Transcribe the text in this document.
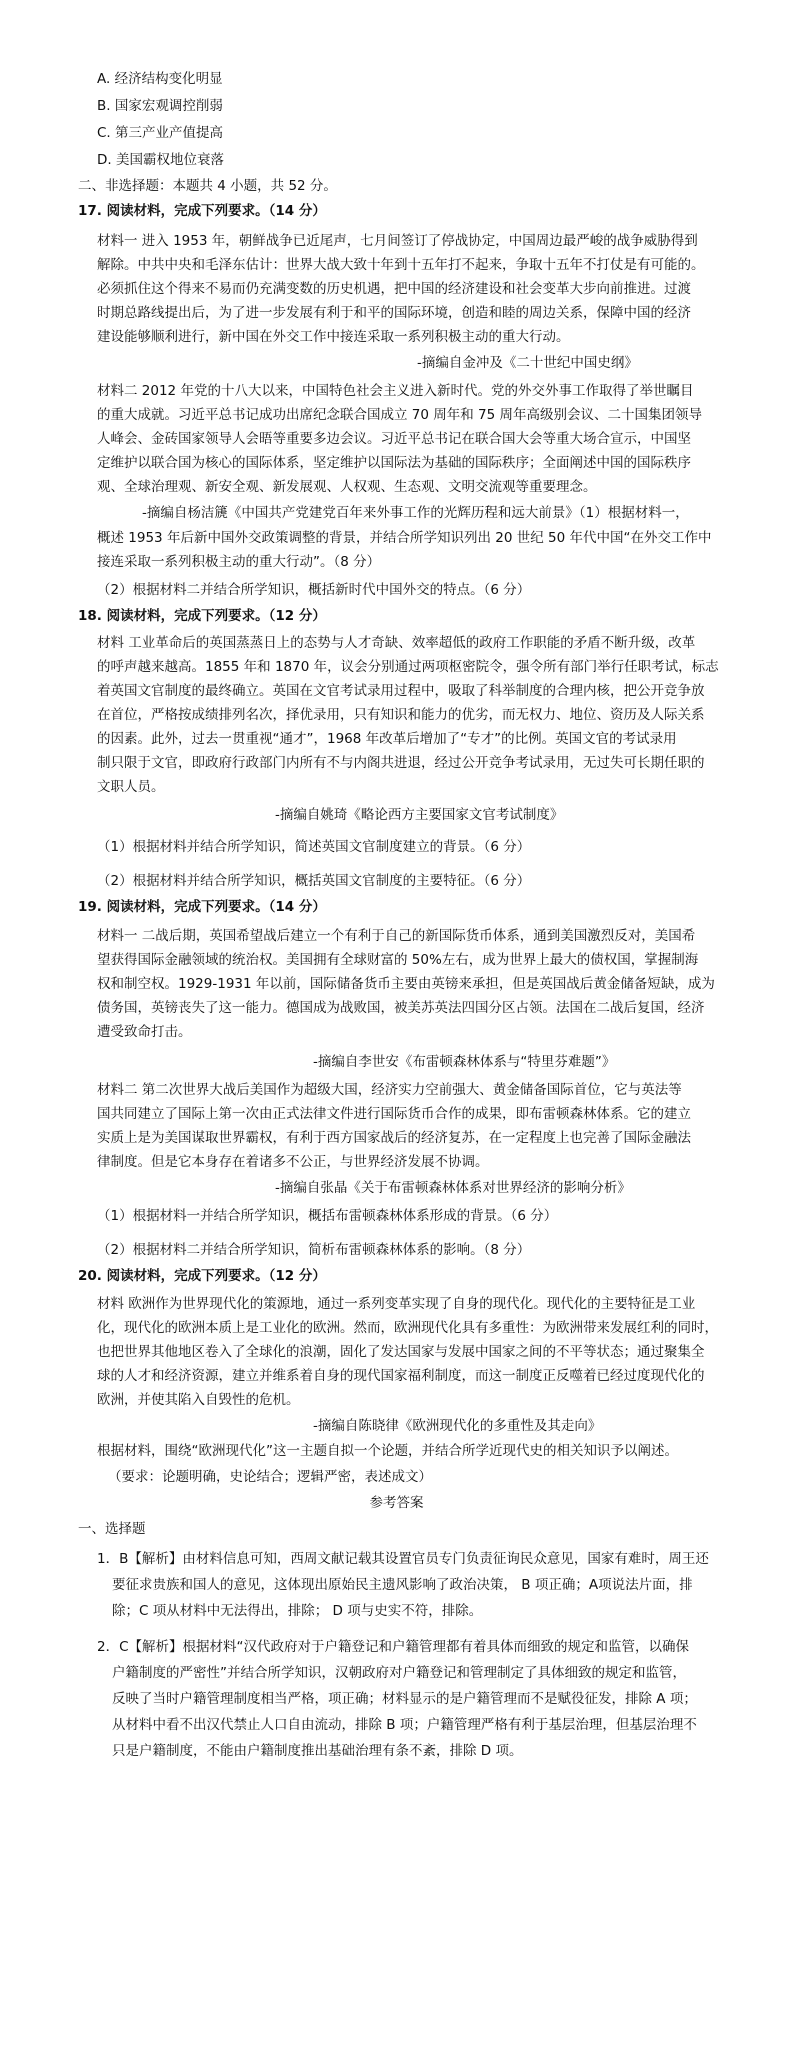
A. 经济结构变化明显
B. 国家宏观调控削弱
C. 第三产业产值提高
D. 美国霸权地位衰落
二、非选择题：本题共 4 小题，共 52 分。
17. 阅读材料，完成下列要求。（14 分）
材料一 进入 1953 年，朝鲜战争已近尾声，七月间签订了停战协定，中国周边最严峻的战争威胁得到
解除。中共中央和毛泽东估计：世界大战大致十年到十五年打不起来，争取十五年不打仗是有可能的。
必须抓住这个得来不易而仍充满变数的历史机遇，把中国的经济建设和社会变革大步向前推进。过渡
时期总路线提出后，为了进一步发展有利于和平的国际环境，创造和睦的周边关系，保障中国的经济
建设能够顺利进行，新中国在外交工作中接连采取一系列积极主动的重大行动。
-摘编自金冲及《二十世纪中国史纲》
材料二 2012 年党的十八大以来，中国特色社会主义进入新时代。党的外交外事工作取得了举世瞩目
的重大成就。习近平总书记成功出席纪念联合国成立 70 周年和 75 周年高级别会议、二十国集团领导
人峰会、金砖国家领导人会晤等重要多边会议。习近平总书记在联合国大会等重大场合宣示，中国坚
定维护以联合国为核心的国际体系，坚定维护以国际法为基础的国际秩序；全面阐述中国的国际秩序
观、全球治理观、新安全观、新发展观、人权观、生态观、文明交流观等重要理念。
-摘编自杨洁篪《中国共产党建党百年来外事工作的光辉历程和远大前景》（1）根据材料一，
概述 1953 年后新中国外交政策调整的背景，并结合所学知识列出 20 世纪 50 年代中国“在外交工作中
接连采取一系列积极主动的重大行动”。（8 分）
（2）根据材料二并结合所学知识，概括新时代中国外交的特点。（6 分）
18. 阅读材料，完成下列要求。（12 分）
材料 工业革命后的英国蒸蒸日上的态势与人才奇缺、效率超低的政府工作职能的矛盾不断升级，改革
的呼声越来越高。1855 年和 1870 年，议会分别通过两项枢密院令，强令所有部门举行任职考试，标志
着英国文官制度的最终确立。英国在文官考试录用过程中，吸取了科举制度的合理内核，把公开竞争放
在首位，严格按成绩排列名次，择优录用，只有知识和能力的优劣，而无权力、地位、资历及人际关系
的因素。此外，过去一贯重视“通才”，1968 年改革后增加了“专才”的比例。英国文官的考试录用
制只限于文官，即政府行政部门内所有不与内阁共进退，经过公开竞争考试录用，无过失可长期任职的
文职人员。
-摘编自姚琦《略论西方主要国家文官考试制度》
（1）根据材料并结合所学知识，简述英国文官制度建立的背景。（6 分）
（2）根据材料并结合所学知识，概括英国文官制度的主要特征。（6 分）
19. 阅读材料，完成下列要求。（14 分）
材料一 二战后期，英国希望战后建立一个有利于自己的新国际货币体系，通到美国激烈反对，美国希
望获得国际金融领域的统治权。美国拥有全球财富的 50%左右，成为世界上最大的债权国，掌握制海
权和制空权。1929-1931 年以前，国际储备货币主要由英镑来承担，但是英国战后黄金储备短缺，成为
债务国，英镑丧失了这一能力。德国成为战败国，被美苏英法四国分区占领。法国在二战后复国，经济
遭受致命打击。
-摘编自李世安《布雷顿森林体系与“特里芬难题”》
材料二 第二次世界大战后美国作为超级大国，经济实力空前强大、黄金储备国际首位，它与英法等
国共同建立了国际上第一次由正式法律文件进行国际货币合作的成果，即布雷顿森林体系。它的建立
实质上是为美国谋取世界霸权，有利于西方国家战后的经济复苏，在一定程度上也完善了国际金融法
律制度。但是它本身存在着诸多不公正，与世界经济发展不协调。
-摘编自张晶《关于布雷顿森林体系对世界经济的影响分析》
（1）根据材料一并结合所学知识，概括布雷顿森林体系形成的背景。（6 分）
（2）根据材料二并结合所学知识，简析布雷顿森林体系的影响。（8 分）
20. 阅读材料，完成下列要求。（12 分）
材料 欧洲作为世界现代化的策源地，通过一系列变革实现了自身的现代化。现代化的主要特征是工业
化，现代化的欧洲本质上是工业化的欧洲。然而，欧洲现代化具有多重性：为欧洲带来发展红利的同时，
也把世界其他地区卷入了全球化的浪潮，固化了发达国家与发展中国家之间的不平等状态；通过聚集全
球的人才和经济资源，建立并维系着自身的现代国家福利制度，而这一制度正反噬着已经过度现代化的
欧洲，并使其陷入自毁性的危机。
-摘编自陈晓律《欧洲现代化的多重性及其走向》
根据材料，围绕“欧洲现代化”这一主题自拟一个论题，并结合所学近现代史的相关知识予以阐述。
（要求：论题明确，史论结合；逻辑严密，表述成文）
参考答案
一、选择题
1．B【解析】由材料信息可知，西周文献记载其设置官员专门负责征询民众意见，国家有难时，周王还
要征求贵族和国人的意见，这体现出原始民主遗风影响了政治决策， B 项正确；A项说法片面，排
除；C 项从材料中无法得出，排除； D 项与史实不符，排除。
2．C【解析】根据材料“汉代政府对于户籍登记和户籍管理都有着具体而细致的规定和监管，以确保
户籍制度的严密性”并结合所学知识，汉朝政府对户籍登记和管理制定了具体细致的规定和监管，
反映了当时户籍管理制度相当严格，项正确；材料显示的是户籍管理而不是赋役征发，排除 A 项；
从材料中看不出汉代禁止人口自由流动，排除 B 项；户籍管理严格有利于基层治理，但基层治理不
只是户籍制度，不能由户籍制度推出基础治理有条不紊，排除 D 项。
